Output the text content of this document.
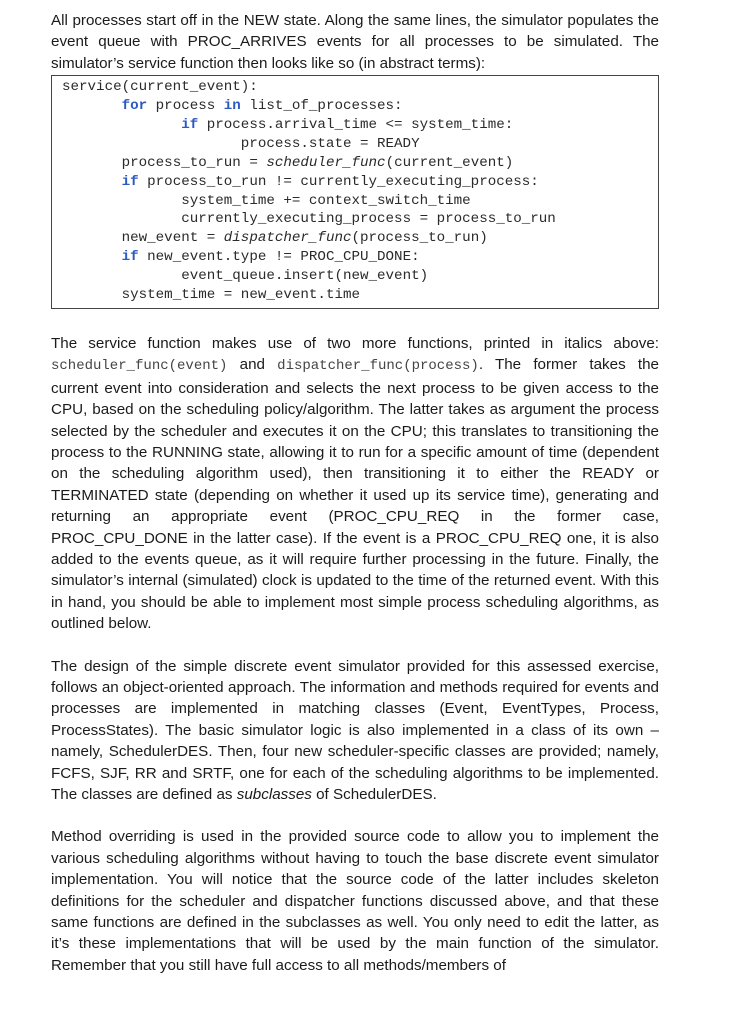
All processes start off in the NEW state. Along the same lines, the simulator populates the event queue with PROC_ARRIVES events for all processes to be simulated. The simulator’s service function then looks like so (in abstract terms):

service(current_event):
for process in list_of_processes:
if process.arrival_time <= system_time:
process.state = READY
process_to_run = scheduler_func(current_event)
if process_to_run != currently_executing_process:
system_time += context_switch_time
currently_executing_process = process_to_run
new_event = dispatcher_func(process_to_run)
if new_event.type != PROC_CPU_DONE:
event_queue.insert(new_event)
system_time = new_event.time

The service function makes use of two more functions, printed in italics above: scheduler_func(event) and dispatcher_func(process). The former takes the current event into consideration and selects the next process to be given access to the CPU, based on the scheduling policy/algorithm. The latter takes as argument the process selected by the scheduler and executes it on the CPU; this translates to transitioning the process to the RUNNING state, allowing it to run for a specific amount of time (dependent on the scheduling algorithm used), then transitioning it to either the READY or TERMINATED state (depending on whether it used up its service time), generating and returning an appropriate event (PROC_CPU_REQ in the former case, PROC_CPU_DONE in the latter case). If the event is a PROC_CPU_REQ one, it is also added to the events queue, as it will require further processing in the future. Finally, the simulator’s internal (simulated) clock is updated to the time of the returned event. With this in hand, you should be able to implement most simple process scheduling algorithms, as outlined below.

The design of the simple discrete event simulator provided for this assessed exercise, follows an object-oriented approach. The information and methods required for events and processes are implemented in matching classes (Event, EventTypes, Process, ProcessStates). The basic simulator logic is also implemented in a class of its own – namely, SchedulerDES. Then, four new scheduler-specific classes are provided; namely, FCFS, SJF, RR and SRTF, one for each of the scheduling algorithms to be implemented. The classes are defined as subclasses of SchedulerDES.

Method overriding is used in the provided source code to allow you to implement the various scheduling algorithms without having to touch the base discrete event simulator implementation. You will notice that the source code of the latter includes skeleton definitions for the scheduler and dispatcher functions discussed above, and that these same functions are defined in the subclasses as well. You only need to edit the latter, as it’s these implementations that will be used by the main function of the simulator. Remember that you still have full access to all methods/members of
